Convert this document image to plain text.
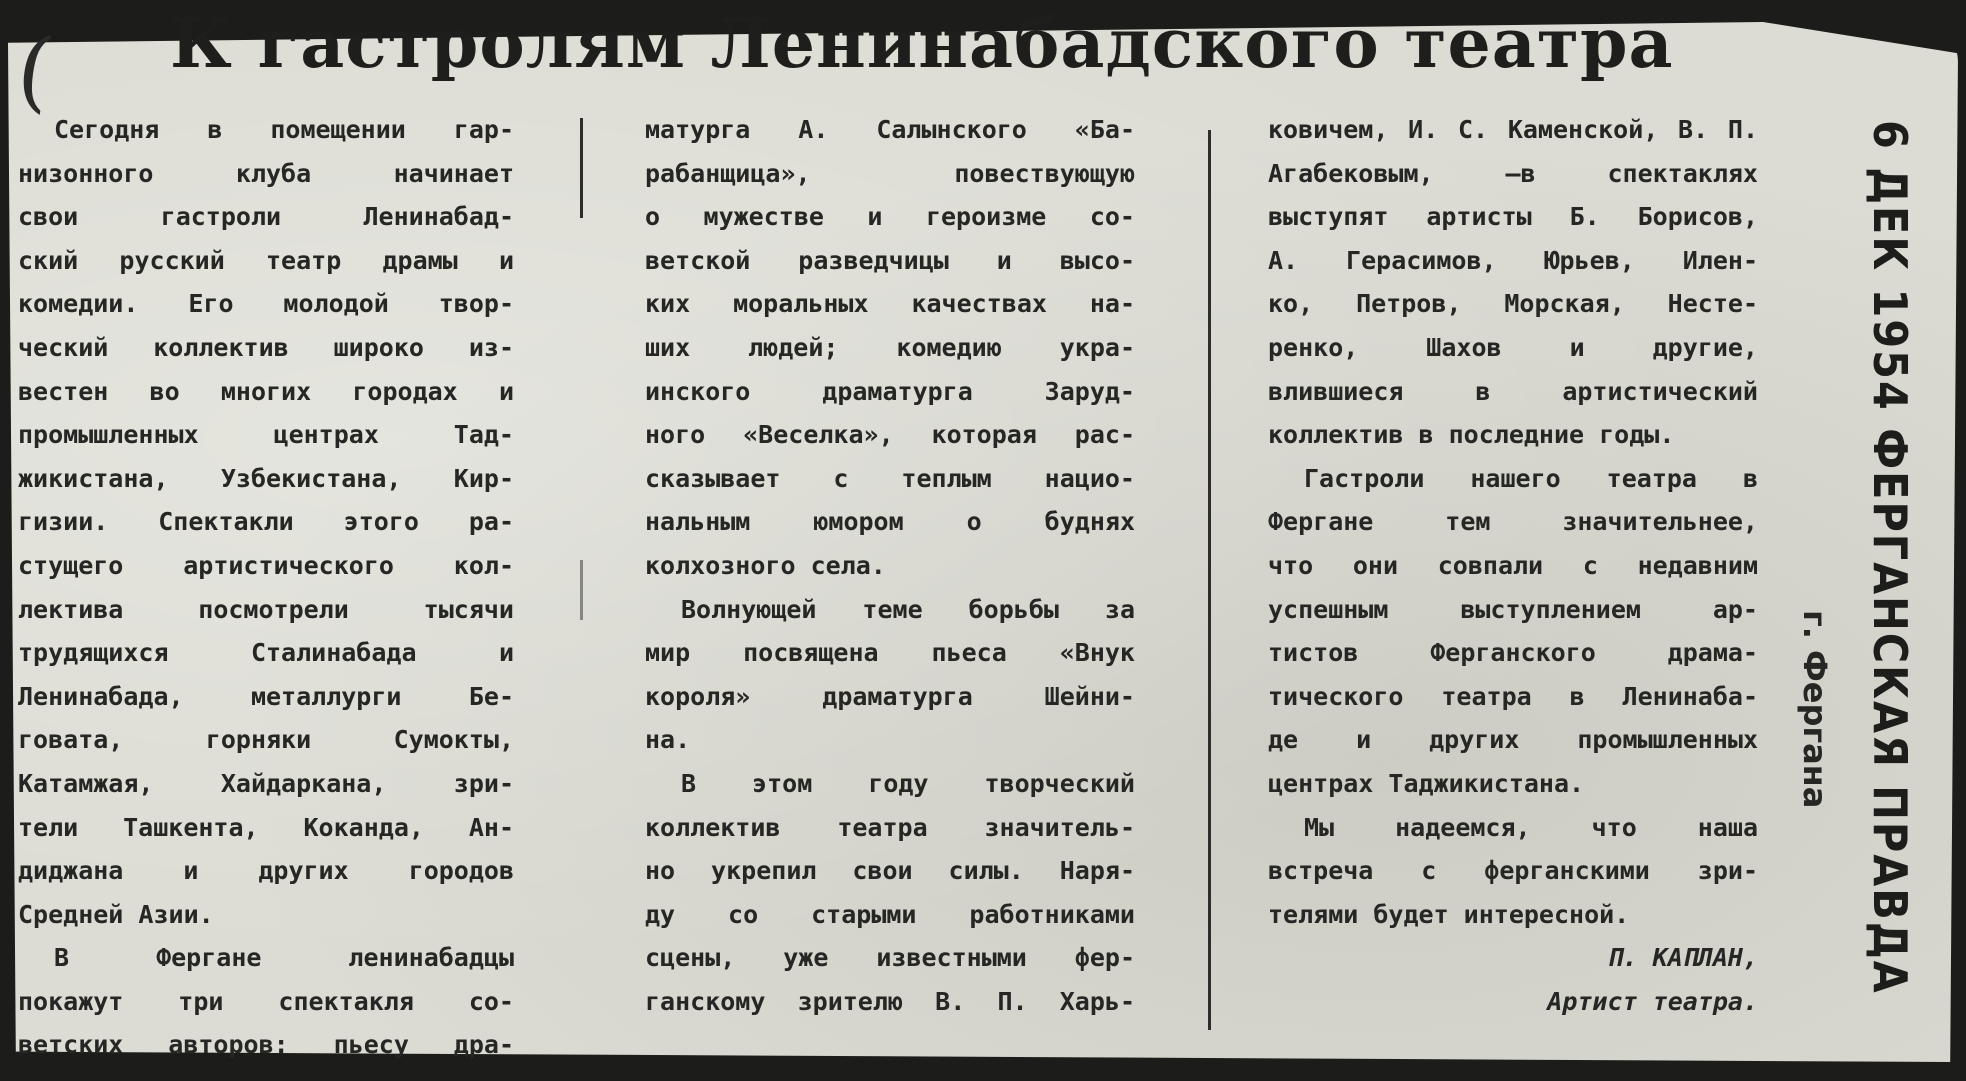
( К гастролям Ленинабадского театра
Сегодня в помещении гар-
низонного клуба начинает
свои гастроли Ленинабад-
ский русский театр драмы и
комедии. Его молодой твор-
ческий коллектив широко из-
вестен во многих городах и
промышленных центрах Тад-
жикистана, Узбекистана, Кир-
гизии. Спектакли этого ра-
стущего артистического кол-
лектива посмотрели тысячи
трудящихся Сталинабада и
Ленинабада, металлурги Бе-
говата, горняки Сумокты,
Катамжая, Хайдаркана, зри-
тели Ташкента, Коканда, Ан-
диджана и других городов
Средней Азии.
В Фергане ленинабадцы
покажут три спектакля со-
ветских авторов: пьесу дра-
матурга А. Салынского «Ба-
рабанщица», повествующую
о мужестве и героизме со-
ветской разведчицы и высо-
ких моральных качествах на-
ших людей; комедию укра-
инского драматурга Заруд-
ного «Веселка», которая рас-
сказывает с теплым нацио-
нальным юмором о буднях
колхозного села.
Волнующей теме борьбы за
мир посвящена пьеса «Внук
короля» драматурга Шейни-
на.
В этом году творческий
коллектив театра значитель-
но укрепил свои силы. Наря-
ду со старыми работниками
сцены, уже известными фер-
ганскому зрителю В. П. Харь-
ковичем, И. С. Каменской, В. П.
Агабековым, —в спектаклях
выступят артисты Б. Борисов,
А. Герасимов, Юрьев, Илен-
ко, Петров, Морская, Несте-
ренко, Шахов и другие,
влившиеся в артистический
коллектив в последние годы.
Гастроли нашего театра в
Фергане тем значительнее,
что они совпали с недавним
успешным выступлением ар-
тистов Ферганского драма-
тического театра в Ленинаба-
де и других промышленных
центрах Таджикистана.
Мы надеемся, что наша
встреча с ферганскими зри-
телями будет интересной.
П. КАПЛАН,
Артист театра.
6 ДЕК 1954 ФЕРГАНСКАЯ ПРАВДА
г. Фергана
